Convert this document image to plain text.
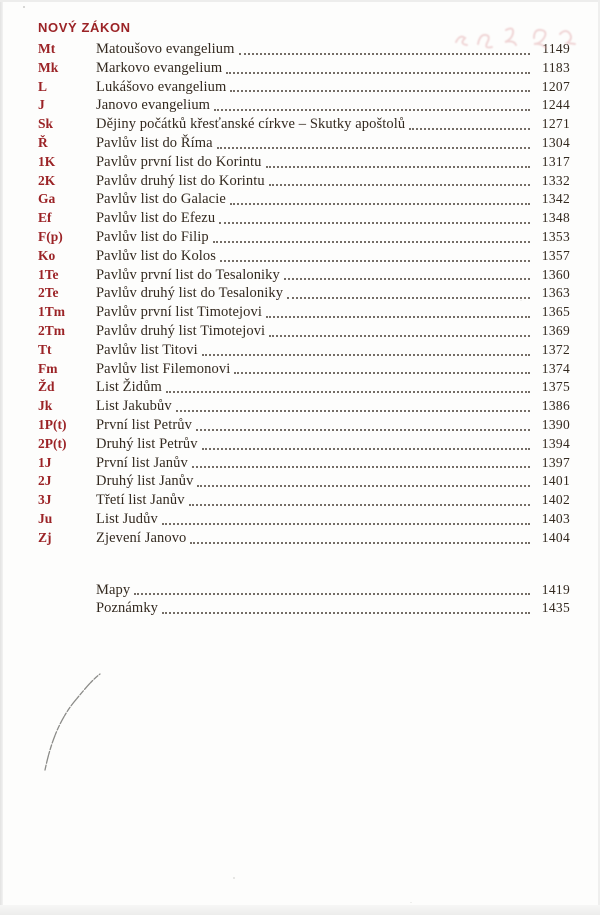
NOVÝ ZÁKON
Mt	Matoušovo evangelium	1149
Mk	Markovo evangelium	1183
L	Lukášovo evangelium	1207
J	Janovo evangelium	1244
Sk	Dějiny počátků křesťanské církve – Skutky apoštolů	1271
Ř	Pavlův list do Říma	1304
1K	Pavlův první list do Korintu	1317
2K	Pavlův druhý list do Korintu	1332
Ga	Pavlův list do Galacie	1342
Ef	Pavlův list do Efezu	1348
F(p)	Pavlův list do Filip	1353
Ko	Pavlův list do Kolos	1357
1Te	Pavlův první list do Tesaloniky	1360
2Te	Pavlův druhý list do Tesaloniky	1363
1Tm	Pavlův první list Timotejovi	1365
2Tm	Pavlův druhý list Timotejovi	1369
Tt	Pavlův list Titovi	1372
Fm	Pavlův list Filemonovi	1374
Žd	List Židům	1375
Jk	List Jakubův	1386
1P(t)	První list Petrův	1390
2P(t)	Druhý list Petrův	1394
1J	První list Janův	1397
2J	Druhý list Janův	1401
3J	Třetí list Janův	1402
Ju	List Judův	1403
Zj	Zjevení Janovo	1404
Mapy	1419
Poznámky	1435
